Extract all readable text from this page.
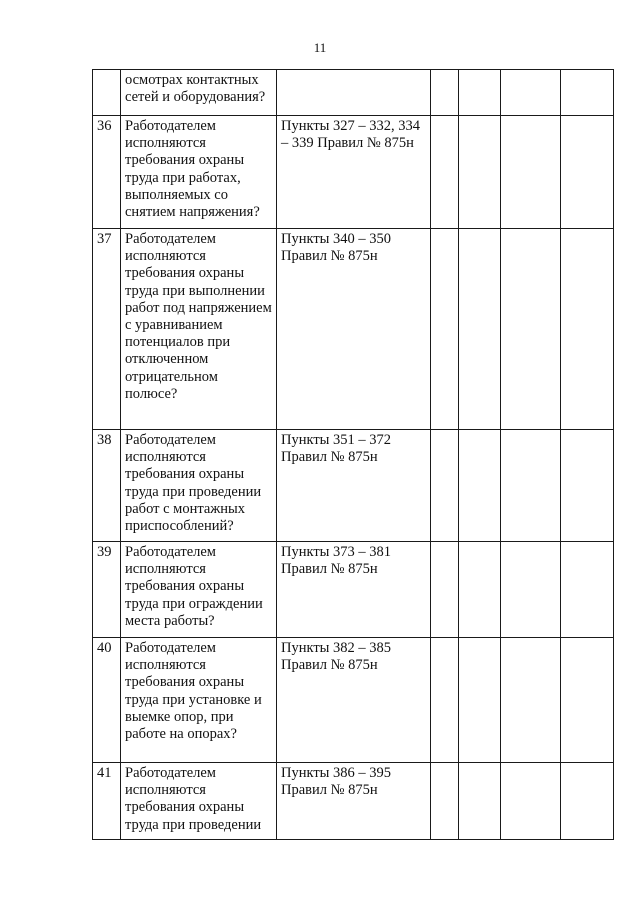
11
	осмотрах контактных сетей и оборудования?					
36	Работодателем исполняются требования охраны труда при работах, выполняемых со снятием напряжения?	Пункты 327 – 332, 334 – 339 Правил № 875н				
37	Работодателем исполняются требования охраны труда при выполнении работ под напряжением с уравниванием потенциалов при отключенном отрицательном полюсе?	Пункты 340 – 350 Правил № 875н				
38	Работодателем исполняются требования охраны труда при проведении работ с монтажных приспособлений?	Пункты 351 – 372 Правил № 875н				
39	Работодателем исполняются требования охраны труда при ограждении места работы?	Пункты 373 – 381 Правил № 875н				
40	Работодателем исполняются требования охраны труда при установке и выемке опор, при работе на опорах?	Пункты 382 – 385 Правил № 875н				
41	Работодателем исполняются требования охраны труда при проведении	Пункты 386 – 395 Правил № 875н				
